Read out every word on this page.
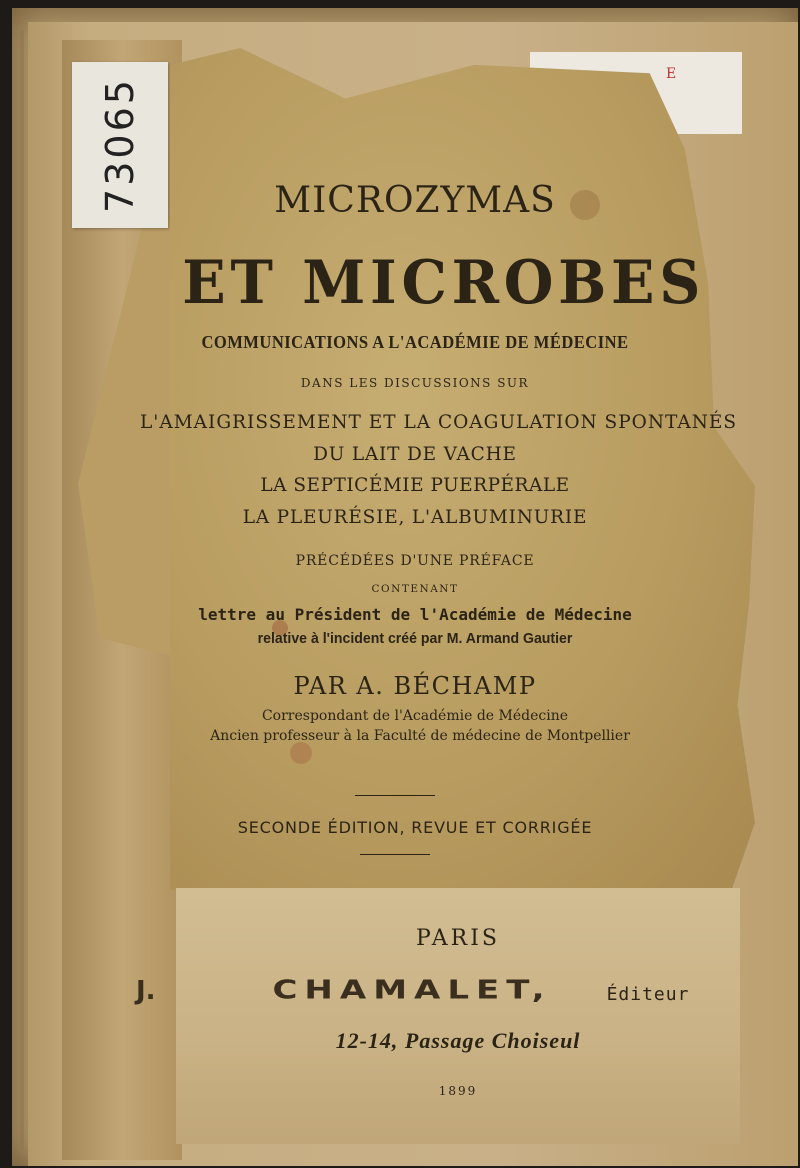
73065
E
MICROZYMAS
ET MICROBES
COMMUNICATIONS A L'ACADÉMIE DE MÉDECINE
DANS LES DISCUSSIONS SUR
L'AMAIGRISSEMENT ET LA COAGULATION SPONTANÉS
DU LAIT DE VACHE
LA SEPTICÉMIE PUERPÉRALE
LA PLEURÉSIE, L'ALBUMINURIE
PRÉCÉDÉES D'UNE PRÉFACE
CONTENANT
lettre au Président de l'Académie de Médecine
relative à l'incident créé par M. Armand Gautier
PAR A. BÉCHAMP
Correspondant de l'Académie de Médecine
Ancien professeur à la Faculté de médecine de Montpellier
SECONDE ÉDITION, REVUE ET CORRIGÉE
PARIS
J.	CHAMALET,	Éditeur
12-14, Passage Choiseul
1899
